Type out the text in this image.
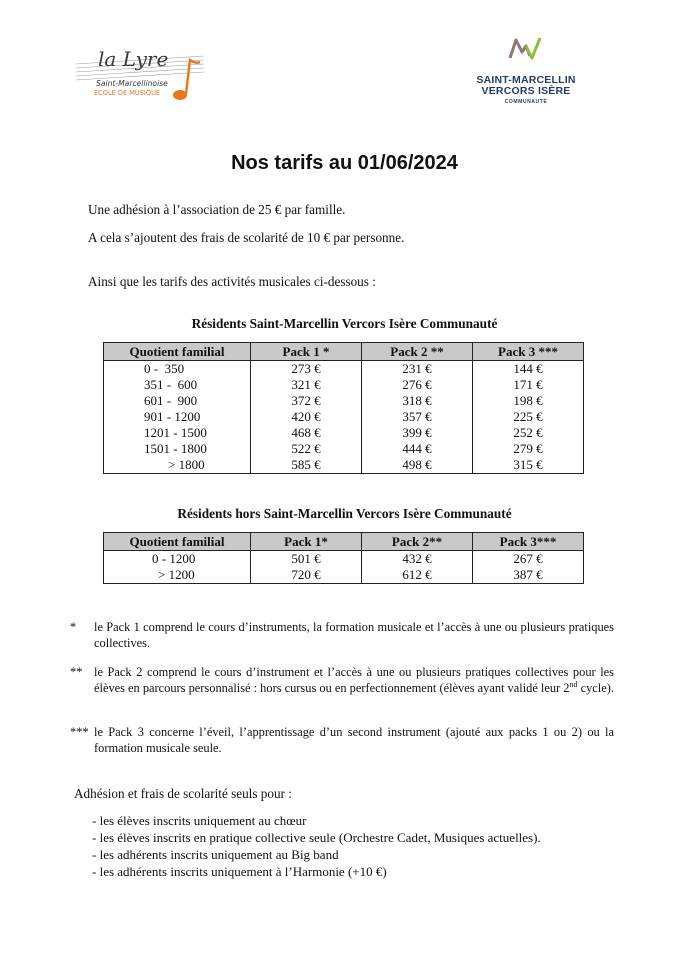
la Lyre
Saint-Marcellinoise
ECOLE DE MUSIQUE
SAINT-MARCELLIN
VERCORS ISÈRE
COMMUNAUTÉ
Nos tarifs au 01/06/2024
Une adhésion à l’association de 25 € par famille.
A cela s’ajoutent des frais de scolarité de 10 € par personne.
Ainsi que les tarifs des activités musicales ci-dessous :
Résidents Saint-Marcellin Vercors Isère Communauté
Quotient familial	Pack 1 *	Pack 2 **	Pack 3 ***
0 -  350	273 €	231 €	144 €
351 -  600	321 €	276 €	171 €
601 -  900	372 €	318 €	198 €
901 - 1200	420 €	357 €	225 €
1201 - 1500	468 €	399 €	252 €
1501 - 1800	522 €	444 €	279 €
> 1800	585 €	498 €	315 €
Résidents hors Saint-Marcellin Vercors Isère Communauté
Quotient familial	Pack 1*	Pack 2**	Pack 3***
0 - 1200	501 €	432 €	267 €
> 1200	720 €	612 €	387 €
*	le Pack 1 comprend le cours d’instruments, la formation musicale et l’accès à une ou plusieurs pratiques collectives.
** le Pack 2 comprend le cours d’instrument et l’accès à une ou plusieurs pratiques collectives pour les élèves en parcours personnalisé : hors cursus ou en perfectionnement (élèves ayant validé leur 2nd cycle).
*** le Pack 3 concerne l’éveil, l’apprentissage d’un second instrument (ajouté aux packs 1 ou 2) ou la formation musicale seule.
Adhésion et frais de scolarité seuls pour :
- les élèves inscrits uniquement au chœur
- les élèves inscrits en pratique collective seule (Orchestre Cadet, Musiques actuelles).
- les adhérents inscrits uniquement au Big band
- les adhérents inscrits uniquement à l’Harmonie (+10 €)
